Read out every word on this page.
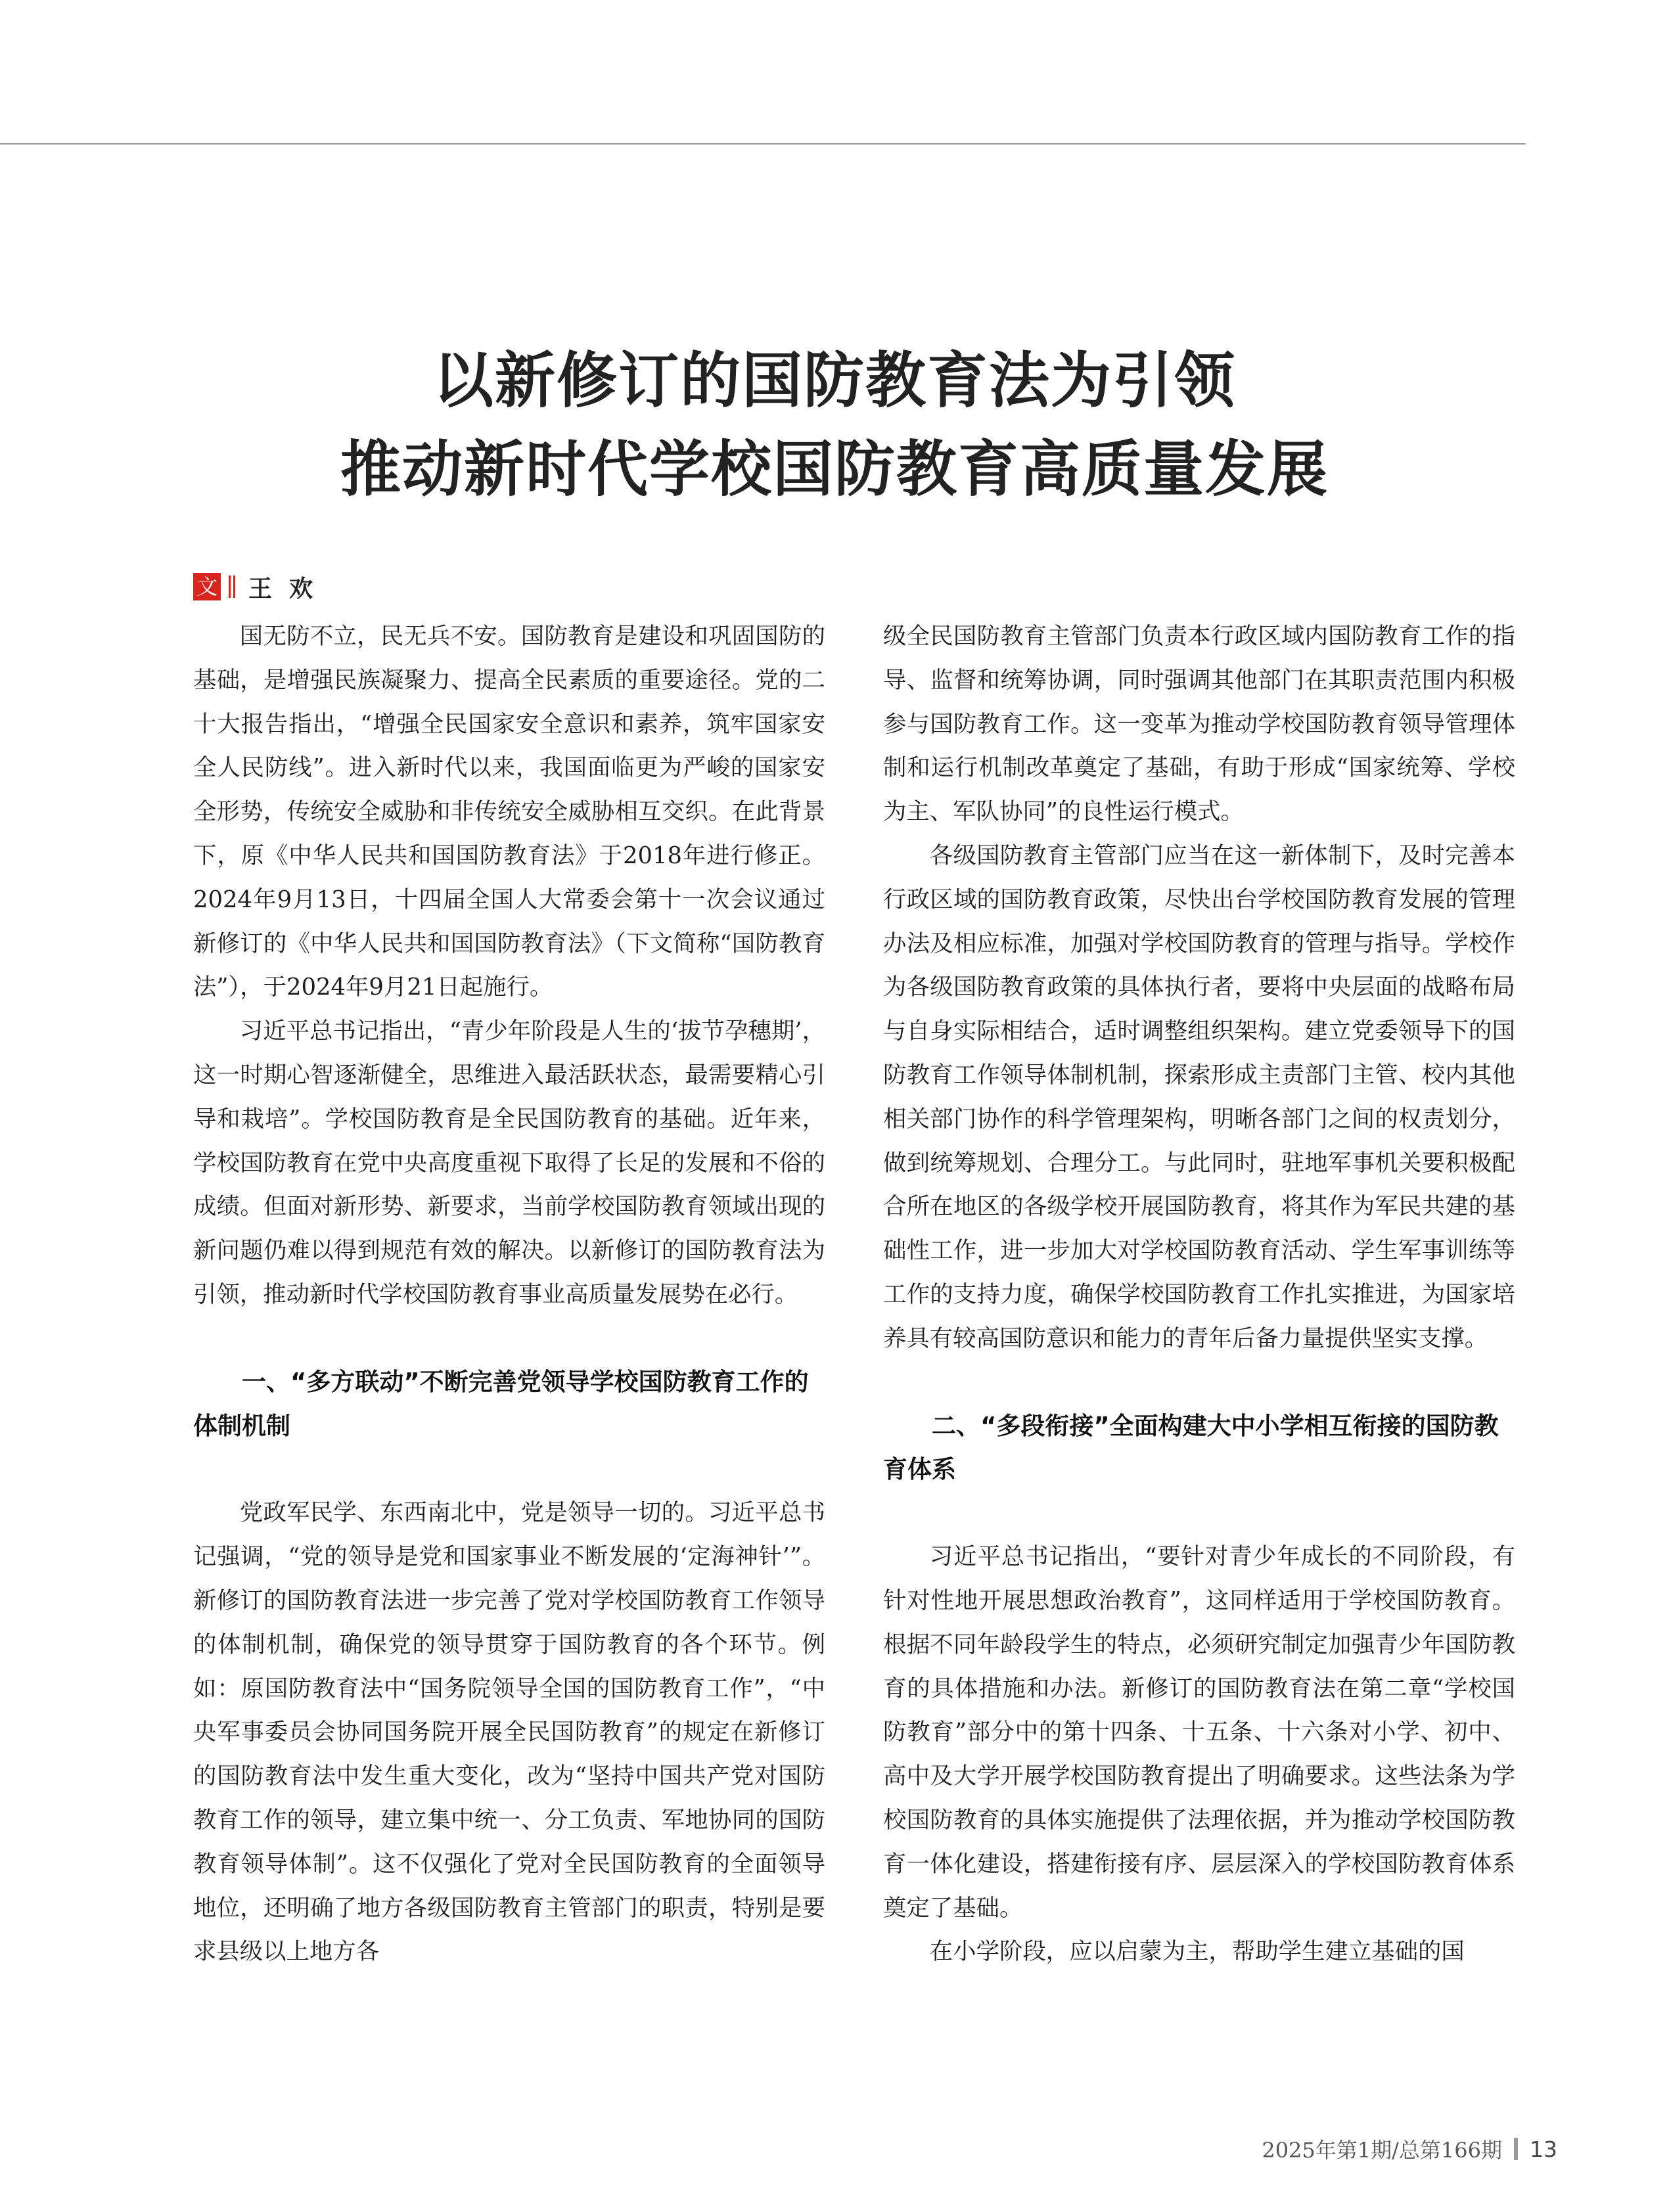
以新修订的国防教育法为引领
推动新时代学校国防教育高质量发展
文 王欢

国无防不立，民无兵不安。国防教育是建设和巩固国防的基础，是增强民族凝聚力、提高全民素质的重要途径。党的二十大报告指出，“增强全民国家安全意识和素养，筑牢国家安全人民防线”。进入新时代以来，我国面临更为严峻的国家安全形势，传统安全威胁和非传统安全威胁相互交织。在此背景下，原《中华人民共和国国防教育法》于2018年进行修正。2024年9月13日，十四届全国人大常委会第十一次会议通过新修订的《中华人民共和国国防教育法》（下文简称“国防教育法”），于2024年9月21日起施行。

习近平总书记指出，“青少年阶段是人生的‘拔节孕穗期’，这一时期心智逐渐健全，思维进入最活跃状态，最需要精心引导和栽培”。学校国防教育是全民国防教育的基础。近年来，学校国防教育在党中央高度重视下取得了长足的发展和不俗的成绩。但面对新形势、新要求，当前学校国防教育领域出现的新问题仍难以得到规范有效的解决。以新修订的国防教育法为引领，推动新时代学校国防教育事业高质量发展势在必行。

一、“多方联动”不断完善党领导学校国防教育工作的体制机制

党政军民学、东西南北中，党是领导一切的。习近平总书记强调，“党的领导是党和国家事业不断发展的‘定海神针’”。新修订的国防教育法进一步完善了党对学校国防教育工作领导的体制机制，确保党的领导贯穿于国防教育的各个环节。例如：原国防教育法中“国务院领导全国的国防教育工作”，“中央军事委员会协同国务院开展全民国防教育”的规定在新修订的国防教育法中发生重大变化，改为“坚持中国共产党对国防教育工作的领导，建立集中统一、分工负责、军地协同的国防教育领导体制”。这不仅强化了党对全民国防教育的全面领导地位，还明确了地方各级国防教育主管部门的职责，特别是要求县级以上地方各

级全民国防教育主管部门负责本行政区域内国防教育工作的指导、监督和统筹协调，同时强调其他部门在其职责范围内积极参与国防教育工作。这一变革为推动学校国防教育领导管理体制和运行机制改革奠定了基础，有助于形成“国家统筹、学校为主、军队协同”的良性运行模式。

各级国防教育主管部门应当在这一新体制下，及时完善本行政区域的国防教育政策，尽快出台学校国防教育发展的管理办法及相应标准，加强对学校国防教育的管理与指导。学校作为各级国防教育政策的具体执行者，要将中央层面的战略布局与自身实际相结合，适时调整组织架构。建立党委领导下的国防教育工作领导体制机制，探索形成主责部门主管、校内其他相关部门协作的科学管理架构，明晰各部门之间的权责划分，做到统筹规划、合理分工。与此同时，驻地军事机关要积极配合所在地区的各级学校开展国防教育，将其作为军民共建的基础性工作，进一步加大对学校国防教育活动、学生军事训练等工作的支持力度，确保学校国防教育工作扎实推进，为国家培养具有较高国防意识和能力的青年后备力量提供坚实支撑。

二、“多段衔接”全面构建大中小学相互衔接的国防教育体系

习近平总书记指出，“要针对青少年成长的不同阶段，有针对性地开展思想政治教育”，这同样适用于学校国防教育。根据不同年龄段学生的特点，必须研究制定加强青少年国防教育的具体措施和办法。新修订的国防教育法在第二章“学校国防教育”部分中的第十四条、十五条、十六条对小学、初中、高中及大学开展学校国防教育提出了明确要求。这些法条为学校国防教育的具体实施提供了法理依据，并为推动学校国防教育一体化建设，搭建衔接有序、层层深入的学校国防教育体系奠定了基础。

在小学阶段，应以启蒙为主，帮助学生建立基础的国

2025年第1期/总第166期 13
